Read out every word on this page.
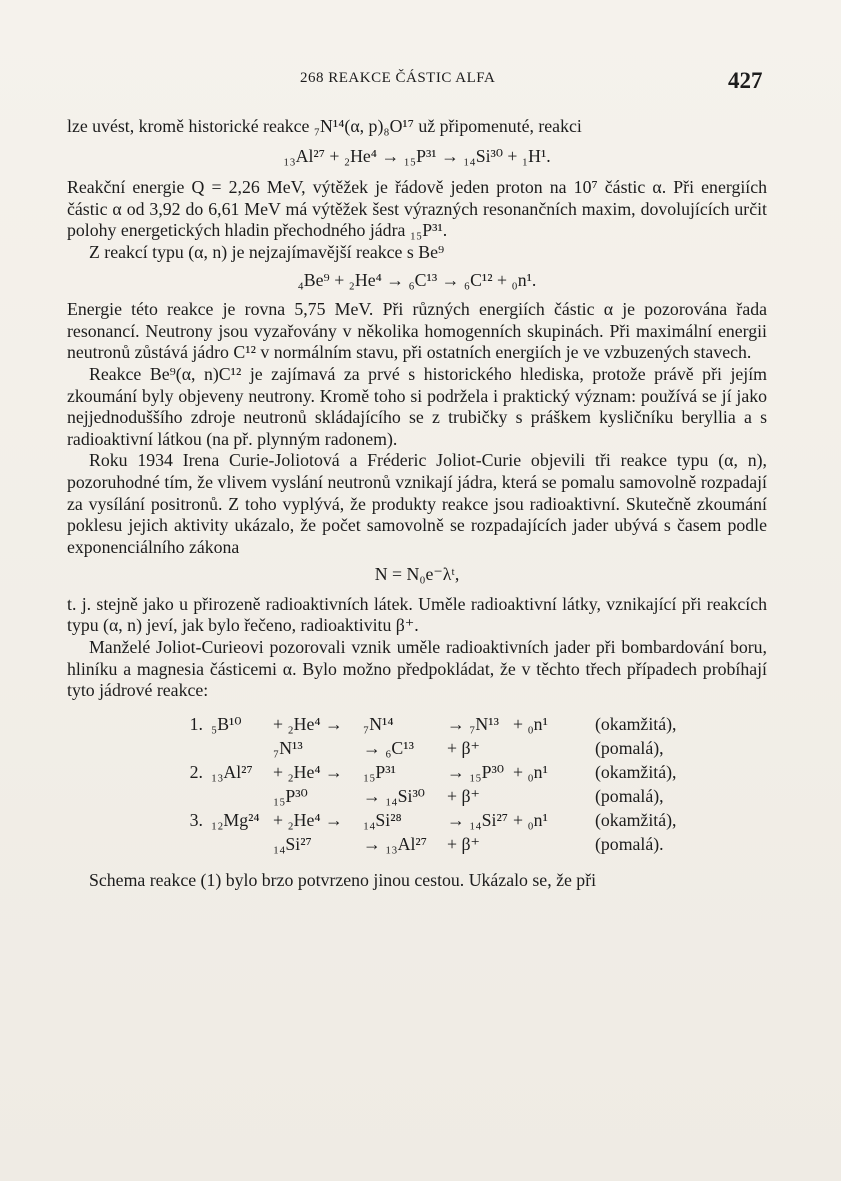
268 REAKCE ČÁSTIC ALFA	427

lze uvést, kromě historické reakce ₇N¹⁴(α, p)₈O¹⁷ už připomenuté, reakci

₁₃Al²⁷ + ₂He⁴ → ₁₅P³¹ → ₁₄Si³⁰ + ₁H¹.

Reakční energie Q = 2,26 MeV, výtěžek je řádově jeden proton na 10⁷ částic α. Při energiích částic α od 3,92 do 6,61 MeV má výtěžek šest výrazných resonančních maxim, dovolujících určit polohy energetických hladin přechodného jádra ₁₅P³¹.

Z reakcí typu (α, n) je nejzajímavější reakce s Be⁹

₄Be⁹ + ₂He⁴ → ₆C¹³ → ₆C¹² + ₀n¹.

Energie této reakce je rovna 5,75 MeV. Při různých energiích částic α je pozorována řada resonancí. Neutrony jsou vyzařovány v několika homogenních skupinách. Při maximální energii neutronů zůstává jádro C¹² v normálním stavu, při ostatních energiích je ve vzbuzených stavech.

Reakce Be⁹(α, n)C¹² je zajímavá za prvé s historického hlediska, protože právě při jejím zkoumání byly objeveny neutrony. Kromě toho si podržela i praktický význam: používá se jí jako nejjednoduššího zdroje neutronů skládajícího se z trubičky s práškem kysličníku beryllia a s radioaktivní látkou (na př. plynným radonem).

Roku 1934 Irena Curie-Joliotová a Fréderic Joliot-Curie objevili tři reakce typu (α, n), pozoruhodné tím, že vlivem vyslání neutronů vznikají jádra, která se pomalu samovolně rozpadají za vysílání positronů. Z toho vyplývá, že produkty reakce jsou radioaktivní. Skutečně zkoumání poklesu jejich aktivity ukázalo, že počet samovolně se rozpadajících jader ubývá s časem podle exponenciálního zákona

N = N₀e⁻λᵗ,

t. j. stejně jako u přirozeně radioaktivních látek. Uměle radioaktivní látky, vznikající při reakcích typu (α, n) jeví, jak bylo řečeno, radioaktivitu β⁺.

Manželé Joliot-Curieovi pozorovali vznik uměle radioaktivních jader při bombardování boru, hliníku a magnesia částicemi α. Bylo možno předpokládat, že v těchto třech případech probíhají tyto jádrové reakce:

1. ₅B¹⁰	+ ₂He⁴ →	₇N¹⁴	→ ₇N¹³ + ₀n¹	(okamžitá),
₇N¹³	→ ₆C¹³	+ β⁺	(pomalá),
2. ₁₃Al²⁷	+ ₂He⁴ →	₁₅P³¹	→ ₁₅P³⁰ + ₀n¹	(okamžitá),
₁₅P³⁰	→ ₁₄Si³⁰	+ β⁺	(pomalá),
3. ₁₂Mg²⁴ + ₂He⁴ →	₁₄Si²⁸	→ ₁₄Si²⁷ + ₀n¹	(okamžitá),
₁₄Si²⁷	→ ₁₃Al²⁷	+ β⁺	(pomalá).

Schema reakce (1) bylo brzo potvrzeno jinou cestou. Ukázalo se, že při
